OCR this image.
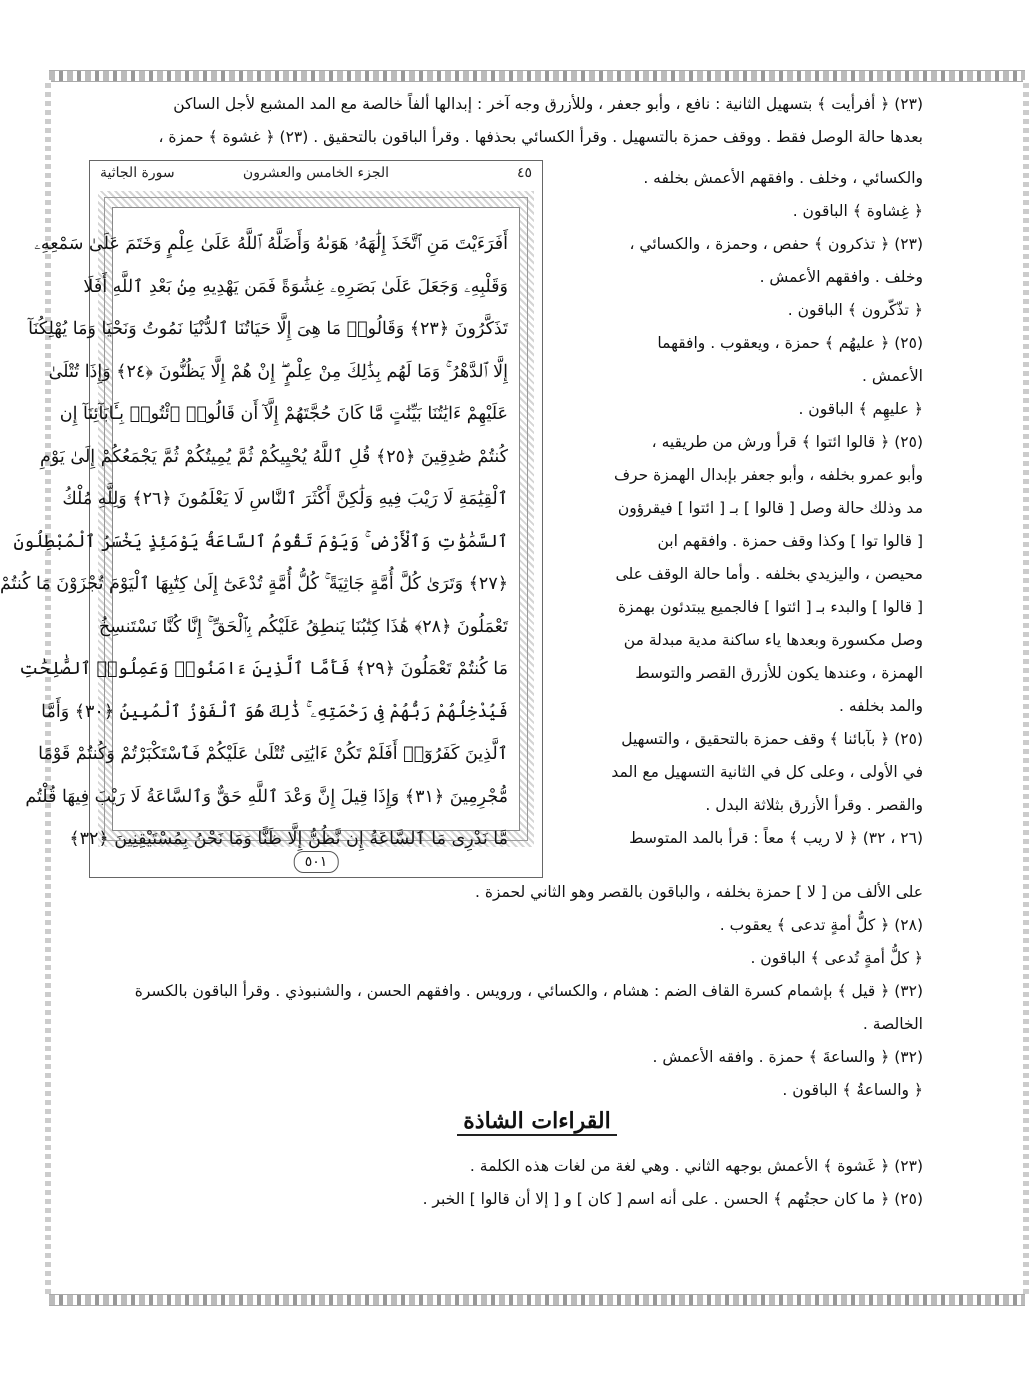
(٢٣) ﴿ أفرأيت ﴾ بتسهيل الثانية : نافع ، وأبو جعفر ، وللأزرق وجه آخر : إبدالها ألفاً خالصة مع المد المشبع لأجل الساكن
بعدها حالة الوصل فقط . ووقف حمزة بالتسهيل . وقرأ الكسائي بحذفها . وقرأ الباقون بالتحقيق . (٢٣) ﴿ غشوة ﴾ حمزة ،
٤٥
الجزء الخامس والعشرون
سورة الجاثية
أَفَرَءَيْتَ مَنِ ٱتَّخَذَ إِلَٰهَهُۥ هَوَىٰهُ وَأَضَلَّهُ ٱللَّهُ عَلَىٰ عِلْمٍ وَخَتَمَ عَلَىٰ سَمْعِهِۦ
وَقَلْبِهِۦ وَجَعَلَ عَلَىٰ بَصَرِهِۦ غِشَٰوَةً فَمَن يَهْدِيهِ مِنۢ بَعْدِ ٱللَّهِ أَفَلَا
تَذَكَّرُونَ ﴿٢٣﴾ وَقَالُوا۟ مَا هِىَ إِلَّا حَيَاتُنَا ٱلدُّنْيَا نَمُوتُ وَنَحْيَا وَمَا يُهْلِكُنَآ
إِلَّا ٱلدَّهْرُ ۚ وَمَا لَهُم بِذَٰلِكَ مِنْ عِلْمٍ ۖ إِنْ هُمْ إِلَّا يَظُنُّونَ ﴿٢٤﴾ وَإِذَا تُتْلَىٰ
عَلَيْهِمْ ءَايَٰتُنَا بَيِّنَٰتٍ مَّا كَانَ حُجَّتَهُمْ إِلَّآ أَن قَالُوا۟ ٱئْتُوا۟ بِـَٔابَآئِنَآ إِن
كُنتُمْ صَٰدِقِينَ ﴿٢٥﴾ قُلِ ٱللَّهُ يُحْيِيكُمْ ثُمَّ يُمِيتُكُمْ ثُمَّ يَجْمَعُكُمْ إِلَىٰ يَوْمِ
ٱلْقِيَٰمَةِ لَا رَيْبَ فِيهِ وَلَٰكِنَّ أَكْثَرَ ٱلنَّاسِ لَا يَعْلَمُونَ ﴿٢٦﴾ وَلِلَّهِ مُلْكُ
ٱلسَّمَٰوَٰتِ وَٱلْأَرْضِ ۚ وَيَوْمَ تَقُومُ ٱلسَّاعَةُ يَوْمَئِذٍ يَخْسَرُ ٱلْمُبْطِلُونَ
﴿٢٧﴾ وَتَرَىٰ كُلَّ أُمَّةٍ جَاثِيَةً ۚ كُلُّ أُمَّةٍ تُدْعَىٰٓ إِلَىٰ كِتَٰبِهَا ٱلْيَوْمَ تُجْزَوْنَ مَا كُنتُمْ
تَعْمَلُونَ ﴿٢٨﴾ هَٰذَا كِتَٰبُنَا يَنطِقُ عَلَيْكُم بِٱلْحَقِّ ۚ إِنَّا كُنَّا نَسْتَنسِخُ
مَا كُنتُمْ تَعْمَلُونَ ﴿٢٩﴾ فَأَمَّا ٱلَّذِينَ ءَامَنُوا۟ وَعَمِلُوا۟ ٱلصَّٰلِحَٰتِ
فَيُدْخِلُهُمْ رَبُّهُمْ فِى رَحْمَتِهِۦ ۚ ذَٰلِكَ هُوَ ٱلْفَوْزُ ٱلْمُبِينُ ﴿٣٠﴾ وَأَمَّا
ٱلَّذِينَ كَفَرُوٓا۟ أَفَلَمْ تَكُنْ ءَايَٰتِى تُتْلَىٰ عَلَيْكُمْ فَٱسْتَكْبَرْتُمْ وَكُنتُمْ قَوْمًا
مُّجْرِمِينَ ﴿٣١﴾ وَإِذَا قِيلَ إِنَّ وَعْدَ ٱللَّهِ حَقٌّ وَٱلسَّاعَةُ لَا رَيْبَ فِيهَا قُلْتُم
مَّا نَدْرِى مَا ٱلسَّاعَةُ إِن نَّظُنُّ إِلَّا ظَنًّا وَمَا نَحْنُ بِمُسْتَيْقِنِينَ ﴿٣٢﴾
٥٠١
والكسائي ، وخلف . وافقهم الأعمش بخلفه .
﴿ غِشاوة ﴾ الباقون .
(٢٣) ﴿ تذكرون ﴾ حفص ، وحمزة ، والكسائي ،
وخلف . وافقهم الأعمش .
﴿ تذّكّرون ﴾ الباقون .
(٢٥) ﴿ عليهُم ﴾ حمزة ، ويعقوب . وافقهما
الأعمش .
﴿ عليهِم ﴾ الباقون .
(٢٥) ﴿ قالوا ائتوا ﴾ قرأ ورش من طريقيه ،
وأبو عمرو بخلفه ، وأبو جعفر بإبدال الهمزة حرف
مد وذلك حالة وصل [ قالوا ] بـ [ ائتوا ] فيقرؤون
[ قالوا توا ] وكذا وقف حمزة . وافقهم ابن
محيصن ، واليزيدي بخلفه . وأما حالة الوقف على
[ قالوا ] والبدء بـ [ ائتوا ] فالجميع يبتدئون بهمزة
وصل مكسورة وبعدها ياء ساكنة مدية مبدلة من
الهمزة ، وعندها يكون للأزرق القصر والتوسط
والمد بخلفه .
(٢٥) ﴿ بآبائنا ﴾ وقف حمزة بالتحقيق ، والتسهيل
في الأولى ، وعلى كل في الثانية التسهيل مع المد
والقصر . وقرأ الأزرق بثلاثة البدل .
(٢٦ ، ٣٢) ﴿ لا ريب ﴾ معاً : قرأ بالمد المتوسط
على الألف من [ لا ] حمزة بخلفه ، والباقون بالقصر وهو الثاني لحمزة .
(٢٨) ﴿ كلُّ أمةٍ تدعى ﴾ يعقوب .
﴿ كلُّ أمةٍ تُدعى ﴾ الباقون .
(٣٢) ﴿ قيل ﴾ بإشمام كسرة القاف الضم : هشام ، والكسائي ، ورويس . وافقهم الحسن ، والشنبوذي . وقرأ الباقون بالكسرة
الخالصة .
(٣٢) ﴿ والساعةَ ﴾ حمزة . وافقه الأعمش .
﴿ والساعةُ ﴾ الباقون .
القراءات الشاذة
(٢٣) ﴿ غَشوة ﴾ الأعمش بوجهه الثاني . وهي لغة من لغات هذه الكلمة .
(٢٥) ﴿ ما كان حجتُهم ﴾ الحسن . على أنه اسم [ كان ] و [ إلا أن قالوا ] الخبر .
